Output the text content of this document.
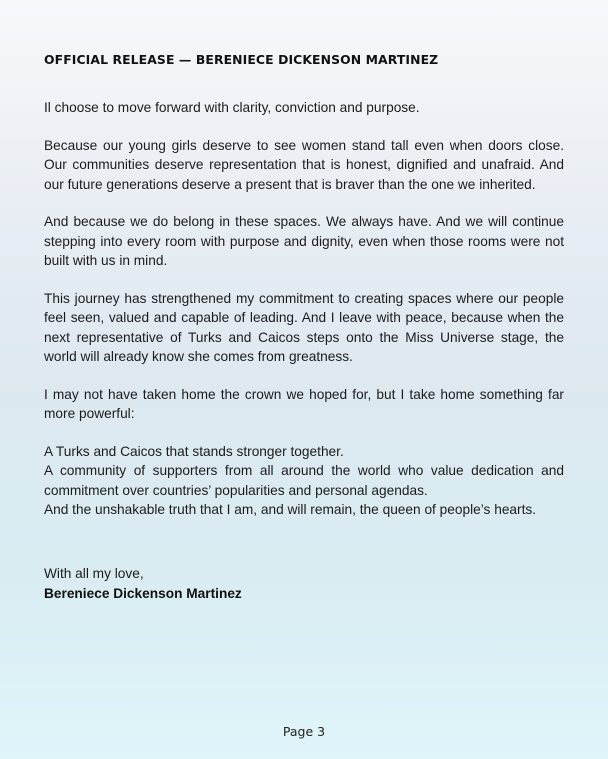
OFFICIAL RELEASE — BERENIECE DICKENSON MARTINEZ

Il choose to move forward with clarity, conviction and purpose.

Because our young girls deserve to see women stand tall even when doors close. Our communities deserve representation that is honest, dignified and unafraid. And our future generations deserve a present that is braver than the one we inherited.

And because we do belong in these spaces. We always have. And we will continue stepping into every room with purpose and dignity, even when those rooms were not built with us in mind.

This journey has strengthened my commitment to creating spaces where our people feel seen, valued and capable of leading. And I leave with peace, because when the next representative of Turks and Caicos steps onto the Miss Universe stage, the world will already know she comes from greatness.

I may not have taken home the crown we hoped for, but I take home something far more powerful:

A Turks and Caicos that stands stronger together.

A community of supporters from all around the world who value dedication and commitment over countries’ popularities and personal agendas.

And the unshakable truth that I am, and will remain, the queen of people’s hearts.

With all my love,
Bereniece Dickenson Martinez
Page 3
